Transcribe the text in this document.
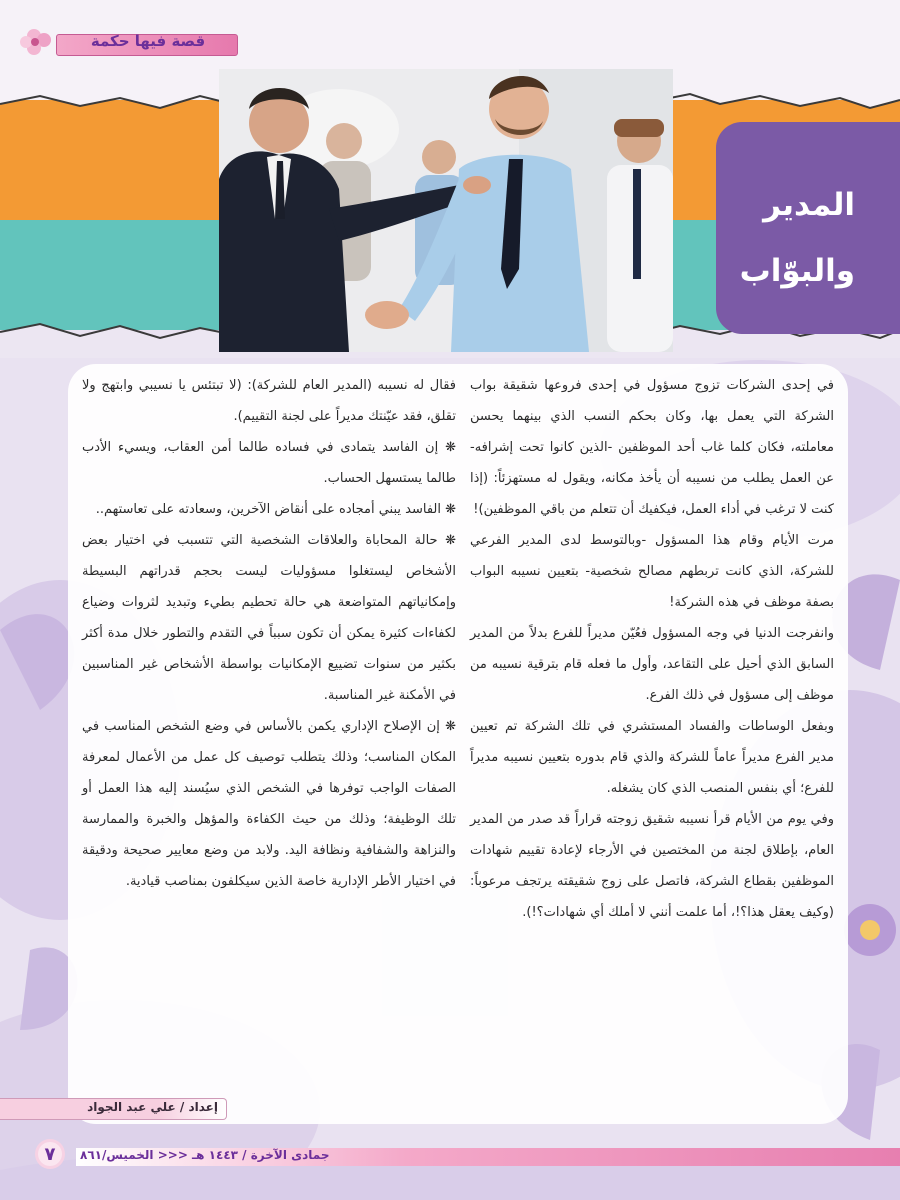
قصة فيها حكمة
المدير
والبوّاب

في إحدى الشركات تزوج مسؤول في إحدى فروعها شقيقة بواب الشركة التي يعمل بها، وكان بحكم النسب الذي بينهما يحسن معاملته، فكان كلما غاب أحد الموظفين -الذين كانوا تحت إشرافه- عن العمل يطلب من نسيبه أن يأخذ مكانه، ويقول له مستهزئاً: (إذا كنت لا ترغب في أداء العمل، فيكفيك أن تتعلم من باقي الموظفين)!

مرت الأيام وقام هذا المسؤول -وبالتوسط لدى المدير الفرعي للشركة، الذي كانت تربطهم مصالح شخصية- بتعيين نسيبه البواب بصفة موظف في هذه الشركة!

وانفرجت الدنيا في وجه المسؤول فعُيّن مديراً للفرع بدلاً من المدير السابق الذي أحيل على التقاعد، وأول ما فعله قام بترقية نسيبه من موظف إلى مسؤول في ذلك الفرع.

وبفعل الوساطات والفساد المستشري في تلك الشركة تم تعيين مدير الفرع مديراً عاماً للشركة والذي قام بدوره بتعيين نسيبه مديراً للفرع؛ أي بنفس المنصب الذي كان يشغله.

وفي يوم من الأيام قرأ نسيبه شقيق زوجته قراراً قد صدر من المدير العام، بإطلاق لجنة من المختصين في الأرجاء لإعادة تقييم شهادات الموظفين بقطاع الشركة، فاتصل على زوج شقيقته يرتجف مرعوباً: (وكيف يعقل هذا؟!، أما علمت أنني لا أملك أي شهادات؟!).

فقال له نسيبه (المدير العام للشركة): (لا تبتئس يا نسيبي وابتهج ولا تقلق، فقد عيّنتك مديراً على لجنة التقييم).

❋ إن الفاسد يتمادى في فساده طالما أمن العقاب، ويسيء الأدب طالما يستسهل الحساب.

❋ الفاسد يبني أمجاده على أنقاض الآخرين، وسعادته على تعاستهم..

❋ حالة المحاباة والعلاقات الشخصية التي تتسبب في اختيار بعض الأشخاص ليستغلوا مسؤوليات ليست بحجم قدراتهم البسيطة وإمكانياتهم المتواضعة هي حالة تحطيم بطيء وتبديد لثروات وضياع لكفاءات كثيرة يمكن أن تكون سبباً في التقدم والتطور خلال مدة أكثر بكثير من سنوات تضييع الإمكانيات بواسطة الأشخاص غير المناسبين في الأمكنة غير المناسبة.

❋ إن الإصلاح الإداري يكمن بالأساس في وضع الشخص المناسب في المكان المناسب؛ وذلك يتطلب توصيف كل عمل من الأعمال لمعرفة الصفات الواجب توفرها في الشخص الذي سيُسند إليه هذا العمل أو تلك الوظيفة؛ وذلك من حيث الكفاءة والمؤهل والخبرة والممارسة والنزاهة والشفافية ونظافة اليد. ولابد من وضع معايير صحيحة ودقيقة في اختيار الأطر الإدارية خاصة الذين سيكلفون بمناصب قيادية.

إعداد / علي عبد الجواد
جمادى الآخرة / ١٤٤٣ هـ <<< الخميس/٨٦١
٧
